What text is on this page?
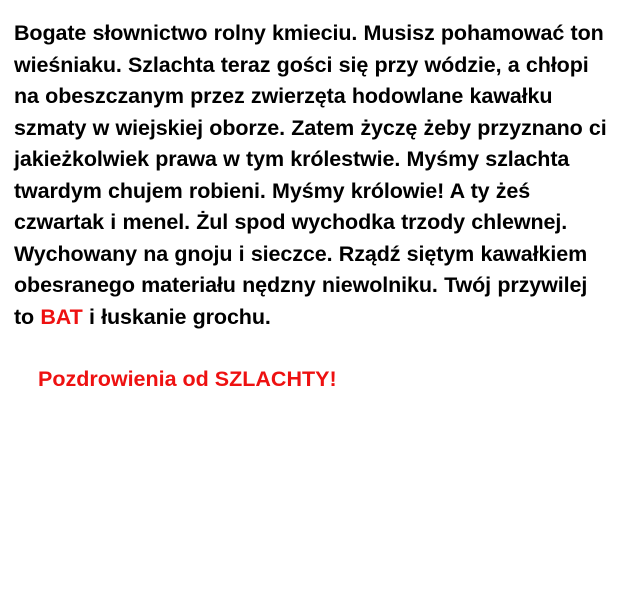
Bogate słownictwo rolny kmieciu. Musisz pohamować ton wieśniaku. Szlachta teraz gości się przy wódzie, a chłopi na obeszczanym przez zwierzęta hodowlane kawałku szmaty w wiejskiej oborze. Zatem życzę żeby przyznano ci jakieżkolwiek prawa w tym królestwie. Myśmy szlachta twardym chujem robieni. Myśmy królowie! A ty żeś czwartak i menel. Żul spod wychodka trzody chlewnej. Wychowany na gnoju i sieczce. Rządź siętym kawałkiem obesranego materiału nędzny niewolniku. Twój przywilej to BAT i łuskanie grochu.

Pozdrowienia od SZLACHTY!
